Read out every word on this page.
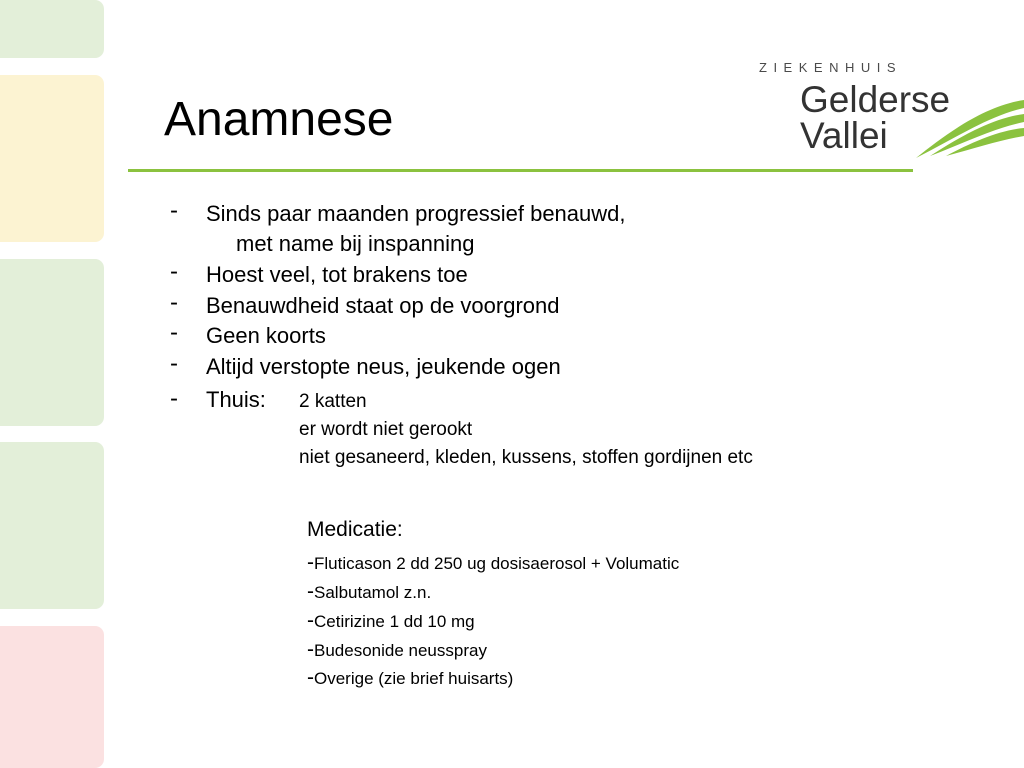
Anamnese
ZIEKENHUIS
Gelderse
Vallei
- Sinds paar maanden progressief benauwd,
met name bij inspanning
- Hoest veel, tot brakens toe
- Benauwdheid staat op de voorgrond
- Geen koorts
- Altijd verstopte neus, jeukende ogen
- Thuis: 2 katten
er wordt niet gerookt
niet gesaneerd, kleden, kussens, stoffen gordijnen etc
Medicatie:
-Fluticason 2 dd 250 ug dosisaerosol + Volumatic
-Salbutamol z.n.
-Cetirizine 1 dd 10 mg
-Budesonide neusspray
-Overige (zie brief huisarts)
